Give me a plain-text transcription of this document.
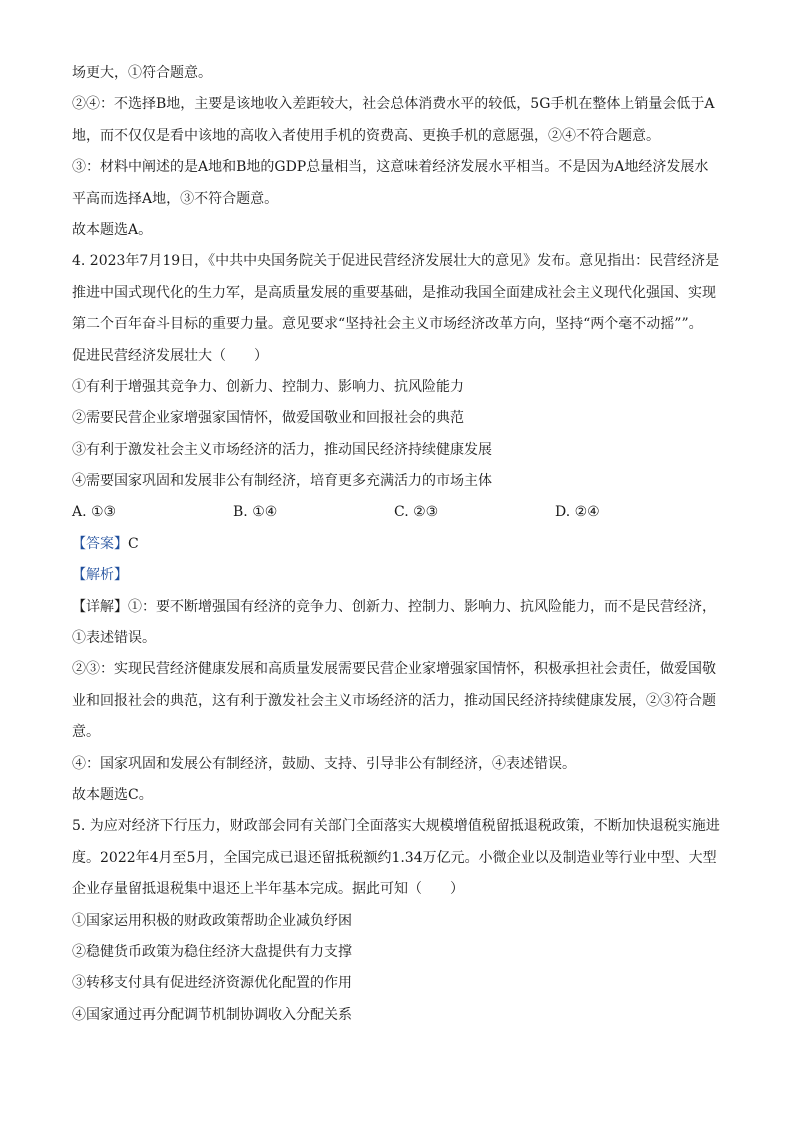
场更大，①符合题意。
②④：不选择B地，主要是该地收入差距较大，社会总体消费水平的较低，5G手机在整体上销量会低于A
地，而不仅仅是看中该地的高收入者使用手机的资费高、更换手机的意愿强，②④不符合题意。
③：材料中阐述的是A地和B地的GDP总量相当，这意味着经济发展水平相当。不是因为A地经济发展水
平高而选择A地，③不符合题意。
故本题选A。
4. 2023年7月19日，《中共中央国务院关于促进民营经济发展壮大的意见》发布。意见指出：民营经济是
推进中国式现代化的生力军，是高质量发展的重要基础，是推动我国全面建成社会主义现代化强国、实现
第二个百年奋斗目标的重要力量。意见要求“坚持社会主义市场经济改革方向，坚持“两个毫不动摇””。
促进民营经济发展壮大（　　）
①有利于增强其竞争力、创新力、控制力、影响力、抗风险能力
②需要民营企业家增强家国情怀，做爱国敬业和回报社会的典范
③有利于激发社会主义市场经济的活力，推动国民经济持续健康发展
④需要国家巩固和发展非公有制经济，培育更多充满活力的市场主体
A. ①③	B. ①④	C. ②③	D. ②④
【答案】C
【解析】
【详解】①：要不断增强国有经济的竞争力、创新力、控制力、影响力、抗风险能力，而不是民营经济，
①表述错误。
②③：实现民营经济健康发展和高质量发展需要民营企业家增强家国情怀，积极承担社会责任，做爱国敬
业和回报社会的典范，这有利于激发社会主义市场经济的活力，推动国民经济持续健康发展，②③符合题
意。
④：国家巩固和发展公有制经济，鼓励、支持、引导非公有制经济，④表述错误。
故本题选C。
5. 为应对经济下行压力，财政部会同有关部门全面落实大规模增值税留抵退税政策，不断加快退税实施进
度。2022年4月至5月，全国完成已退还留抵税额约1.34万亿元。小微企业以及制造业等行业中型、大型
企业存量留抵退税集中退还上半年基本完成。据此可知（　　）
①国家运用积极的财政政策帮助企业减负纾困
②稳健货币政策为稳住经济大盘提供有力支撑
③转移支付具有促进经济资源优化配置的作用
④国家通过再分配调节机制协调收入分配关系
